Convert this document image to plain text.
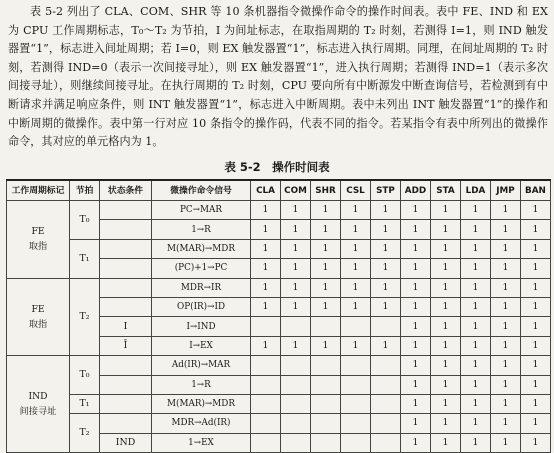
表 5-2 列出了 CLA、COM、SHR 等 10 条机器指令微操作命令的操作时间表。表中 FE、IND 和 EX 为 CPU 工作周期标志，T₀～T₂ 为节拍，I 为间址标志，在取指周期的 T₂ 时刻，若测得 I=1，则 IND 触发器置“1”，标志进入间址周期；若 I=0，则 EX 触发器置“1”，标志进入执行周期。同理，在间址周期的 T₂ 时刻，若测得 IND=0（表示一次间接寻址），则 EX 触发器置“1”，进入执行周期；若测得 IND=1（表示多次间接寻址），则继续间接寻址。在执行周期的 T₂ 时刻，CPU 要向所有中断源发中断查询信号，若检测到有中断请求并满足响应条件，则 INT 触发器置“1”，标志进入中断周期。表中未列出 INT 触发器置“1”的操作和中断周期的微操作。表中第一行对应 10 条指令的操作码，代表不同的指令。若某指令有表中所列出的微操作命令，其对应的单元格内为 1。
表 5-2　操作时间表
工作周期标记	节拍	状态条件	微操作命令信号	CLA	COM	SHR	CSL	STP	ADD	STA	LDA	JMP	BAN

FE
取指	T₀		PC→MAR	1	1	1	1	1	1	1	1	1	1
			1→R	1	1	1	1	1	1	1	1	1	1
	T₁		M(MAR)→MDR	1	1	1	1	1	1	1	1	1	1
			(PC)+1→PC	1	1	1	1	1	1	1	1	1	1

FE
取指	T₂		MDR→IR	1	1	1	1	1	1	1	1	1	1
			OP(IR)→ID	1	1	1	1	1	1	1	1	1	1
		I	I→IND						1	1	1	1	1
		Ī	I→EX	1	1	1	1	1	1	1	1	1	1

IND
间接寻址	T₀		Ad(IR)→MAR						1	1	1	1	1
			1→R						1	1	1	1	1
	T₁		M(MAR)→MDR						1	1	1	1	1
	T₂		MDR→Ad(IR)						1	1	1	1	1
		IND	1→EX						1	1	1	1	1
